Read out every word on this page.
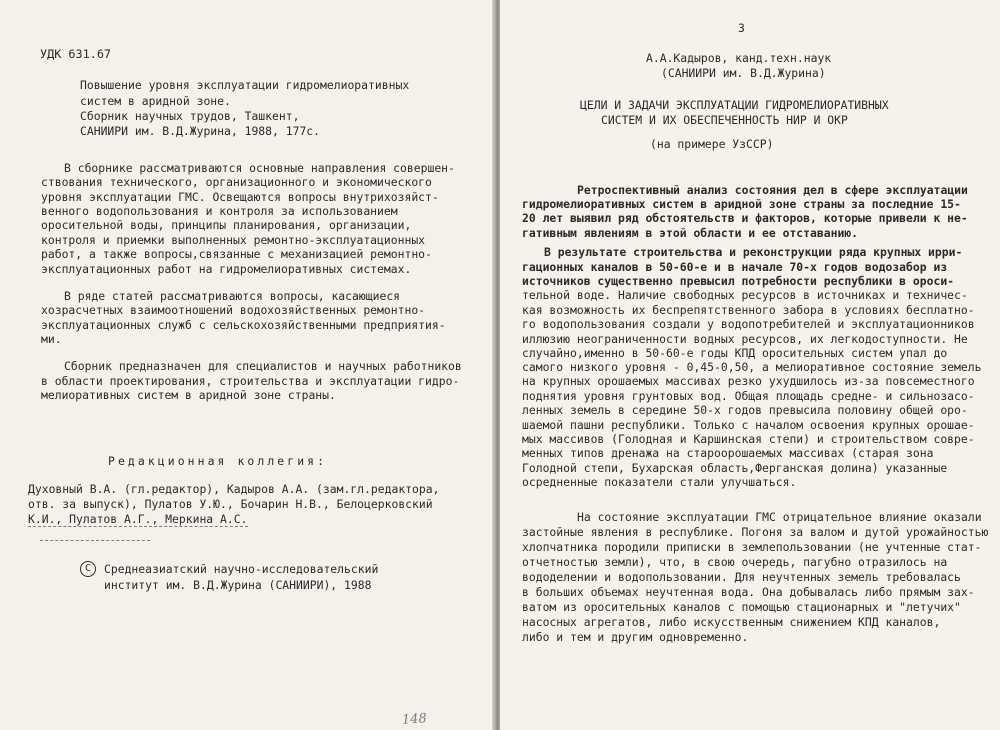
УДК 631.67
Повышение уровня эксплуатации гидромелиоративных
систем в аридной зоне.
Сборник научных трудов, Ташкент,
САНИИРИ им. В.Д.Журина, 1988, 177с.
В сборнике рассматриваются основные направления совершен-
ствования технического, организационного и экономического
уровня эксплуатации ГМС. Освещаются вопросы внутрихозяйст-
венного водопользования и контроля за использованием
оросительной воды, принципы планирования, организации,
контроля и приемки выполненных ремонтно-эксплуатационных
работ, а также вопросы,связанные с механизацией ремонтно-
эксплуатационных работ на гидромелиоративных системах.
В ряде статей рассматриваются вопросы, касающиеся
хозрасчетных взаимоотношений водохозяйственных ремонтно-
эксплуатационных служб с сельскохозяйственными предприятия-
ми.
Сборник предназначен для специалистов и научных работников
в области проектирования, строительства и эксплуатации гидро-
мелиоративных систем в аридной зоне страны.
Редакционная коллегия:
Духовный В.А. (гл.редактор), Кадыров А.А. (зам.гл.редактора,
отв. за выпуск), Пулатов У.Ю., Бочарин Н.В., Белоцерковский
К.И., Пулатов А.Г., Меркина А.С.
C	Среднеазиатский научно-исследовательский
институт им. В.Д.Журина (САНИИРИ), 1988
148
3
А.А.Кадыров, канд.техн.наук
(САНИИРИ им. В.Д.Журина)
ЦЕЛИ И ЗАДАЧИ ЭКСПЛУАТАЦИИ ГИДРОМЕЛИОРАТИВНЫХ
СИСТЕМ И ИХ ОБЕСПЕЧЕННОСТЬ НИР И ОКР
(на примере УзССР)
Ретроспективный анализ состояния дел в сфере эксплуатации
гидромелиоративных систем в аридной зоне страны за последние 15-
20 лет выявил ряд обстоятельств и факторов, которые привели к не-
гативным явлениям в этой области и ее отставанию.
В результате строительства и реконструкции ряда крупных ирри-
гационных каналов в 50-60-е и в начале 70-х годов водозабор из
источников существенно превысил потребности республики в ороси-
тельной воде. Наличие свободных ресурсов в источниках и техничес-
кая возможность их беспрепятственного забора в условиях бесплатно-
го водопользования создали у водопотребителей и эксплуатационников
иллюзию неограниченности водных ресурсов, их легкодоступности. Не
случайно,именно в 50-60-е годы КПД оросительных систем упал до
самого низкого уровня - 0,45-0,50, а мелиоративное состояние земель
на крупных орошаемых массивах резко ухудшилось из-за повсеместного
поднятия уровня грунтовых вод. Общая площадь средне- и сильнозасо-
ленных земель в середине 50-х годов превысила половину общей оро-
шаемой пашни республики. Только с началом освоения крупных орошае-
мых массивов (Голодная и Каршинская степи) и строительством совре-
менных типов дренажа на староорошаемых массивах (старая зона
Голодной степи, Бухарская область,Ферганская долина) указанные
осредненные показатели стали улучшаться.
На состояние эксплуатации ГМС отрицательное влияние оказали
застойные явления в республике. Погоня за валом и дутой урожайностью
хлопчатника породили приписки в землепользовании (не учтенные стат-
отчетностью земли), что, в свою очередь, пагубно отразилось на
вододелении и водопользовании. Для неучтенных земель требовалась
в больших объемах неучтенная вода. Она добывалась либо прямым зах-
ватом из оросительных каналов с помощью стационарных и "летучих"
насосных агрегатов, либо искусственным снижением КПД каналов,
либо и тем и другим одновременно.
